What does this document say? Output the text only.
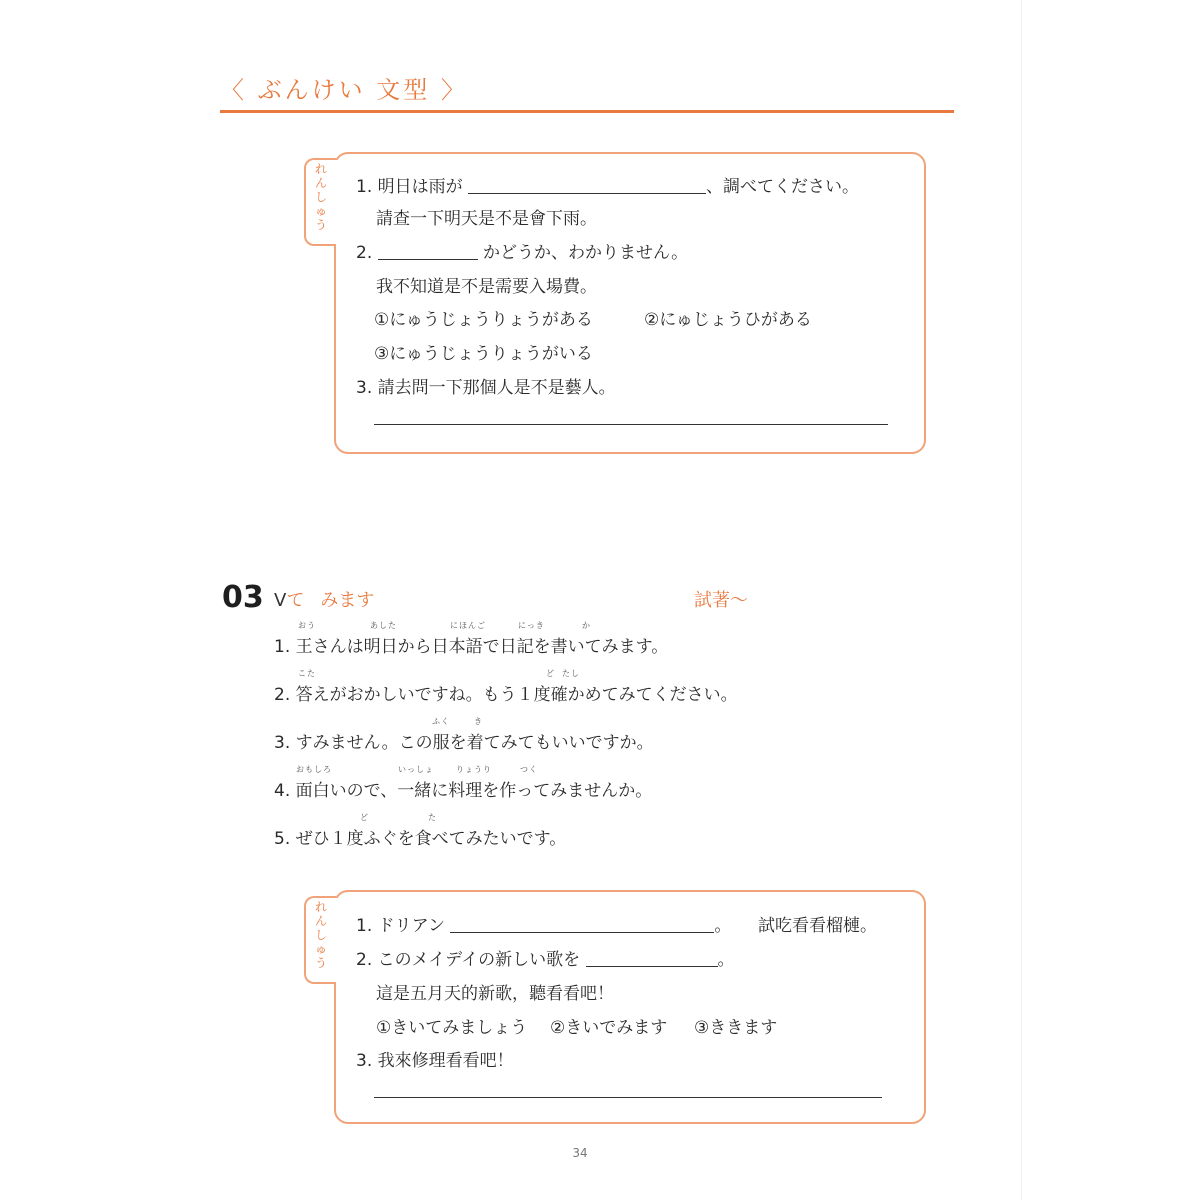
〈 ぶんけい 文型 〉
れ
ん
しゅ
う
1. 明日は雨が	、調べてください。
請查一下明天是不是會下雨。
2.	かどうか、わかりません。
我不知道是不是需要入場費。
①にゅうじょうりょうがある	②にゅじょうひがある
③にゅうじょうりょうがいる
3. 請去問一下那個人是不是藝人。
03 Vて みます	試著～
おう	あした	にほんご	にっき	か
1. 王さんは明日から日本語で日記を書いてみます。
こた	ど たし
2. 答えがおかしいですね。もう１度確かめてみてください。
ふく	き
3. すみません。この服を着てみてもいいですか。
おもしろ	いっしょ	りょうり	つく
4. 面白いので、一緒に料理を作ってみませんか。
ど	た
5. ぜひ１度ふぐを食べてみたいです。
れ
ん
しゅ
う
1. ドリアン	。 試吃看看榴槤。
2. このメイデイの新しい歌を	。
這是五月天的新歌，聽看看吧！
①きいてみましょう ②きいでみます ③ききます
3. 我來修理看看吧！
34
